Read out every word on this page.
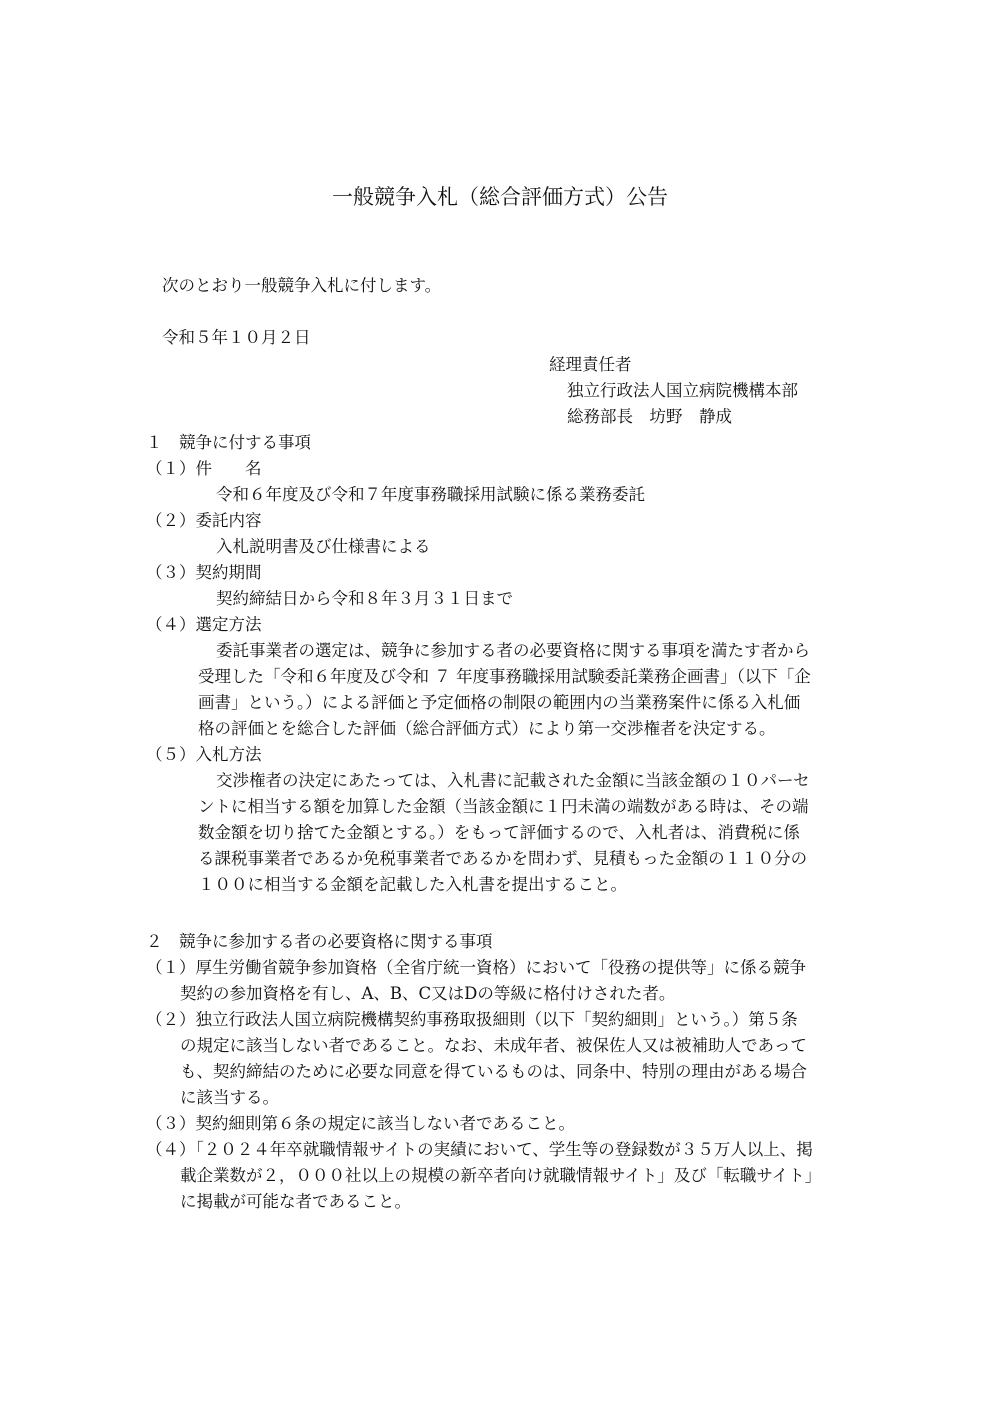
一般競争入札（総合評価方式）公告
次のとおり一般競争入札に付します。
令和５年１０月２日
経理責任者
独立行政法人国立病院機構本部
総務部長　坊野　静成
１　競争に付する事項
（１）件　　名
令和６年度及び令和７年度事務職採用試験に係る業務委託
（２）委託内容
入札説明書及び仕様書による
（３）契約期間
契約締結日から令和８年３月３１日まで
（４）選定方法
委託事業者の選定は、競争に参加する者の必要資格に関する事項を満たす者から
受理した「令和６年度及び令和 ７ 年度事務職採用試験委託業務企画書」（以下「企
画書」という。）による評価と予定価格の制限の範囲内の当業務案件に係る入札価
格の評価とを総合した評価（総合評価方式）により第一交渉権者を決定する。
（５）入札方法
交渉権者の決定にあたっては、入札書に記載された金額に当該金額の１０パーセ
ントに相当する額を加算した金額（当該金額に１円未満の端数がある時は、その端
数金額を切り捨てた金額とする。）をもって評価するので、入札者は、消費税に係
る課税事業者であるか免税事業者であるかを問わず、見積もった金額の１１０分の
１００に相当する金額を記載した入札書を提出すること。
２　競争に参加する者の必要資格に関する事項
（１）厚生労働省競争参加資格（全省庁統一資格）において「役務の提供等」に係る競争
契約の参加資格を有し、A、B、C又はDの等級に格付けされた者。
（２）独立行政法人国立病院機構契約事務取扱細則（以下「契約細則」という。）第５条
の規定に該当しない者であること。なお、未成年者、被保佐人又は被補助人であって
も、契約締結のために必要な同意を得ているものは、同条中、特別の理由がある場合
に該当する。
（３）契約細則第６条の規定に該当しない者であること。
（４）「２０２４年卒就職情報サイトの実績において、学生等の登録数が３５万人以上、掲
載企業数が２，０００社以上の規模の新卒者向け就職情報サイト」及び「転職サイト」
に掲載が可能な者であること。
